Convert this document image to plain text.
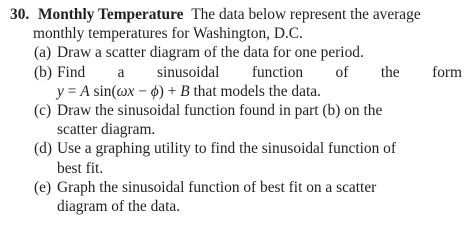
30. Monthly Temperature The data below represent the average
monthly temperatures for Washington, D.C.
(a) Draw a scatter diagram of the data for one period.
(b) Find a sinusoidal function of the form
y = A sin(ωx − ϕ) + B that models the data.
(c) Draw the sinusoidal function found in part (b) on the
scatter diagram.
(d) Use a graphing utility to find the sinusoidal function of
best fit.
(e) Graph the sinusoidal function of best fit on a scatter
diagram of the data.
